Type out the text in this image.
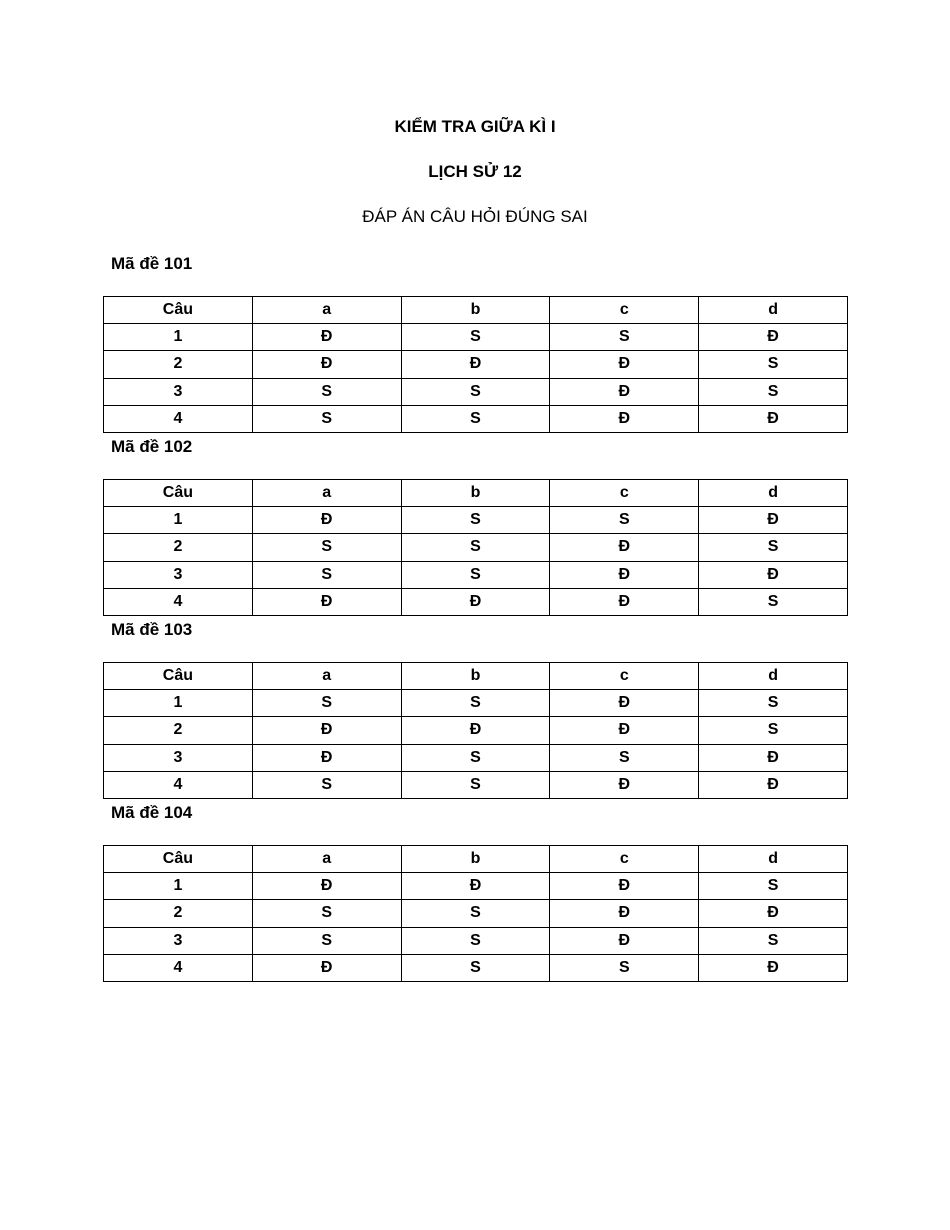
KIỂM TRA GIỮA KÌ I
LỊCH SỬ 12
ĐÁP ÁN CÂU HỎI ĐÚNG SAI
Mã đề 101
Câu	a	b	c	d
1	Đ	S	S	Đ
2	Đ	Đ	Đ	S
3	S	S	Đ	S
4	S	S	Đ	Đ
Mã đề 102
Câu	a	b	c	d
1	Đ	S	S	Đ
2	S	S	Đ	S
3	S	S	Đ	Đ
4	Đ	Đ	Đ	S
Mã đề 103
Câu	a	b	c	d
1	S	S	Đ	S
2	Đ	Đ	Đ	S
3	Đ	S	S	Đ
4	S	S	Đ	Đ
Mã đề 104
Câu	a	b	c	d
1	Đ	Đ	Đ	S
2	S	S	Đ	Đ
3	S	S	Đ	S
4	Đ	S	S	Đ
